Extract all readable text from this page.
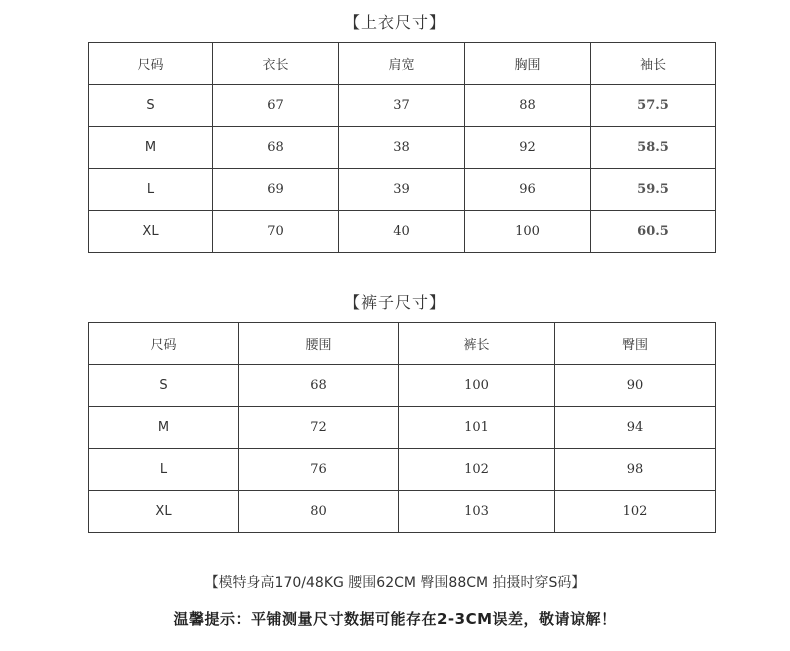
【上衣尺寸】
尺码	衣长	肩宽	胸围	袖长
S	67	37	88	57.5
M	68	38	92	58.5
L	69	39	96	59.5
XL	70	40	100	60.5
【裤子尺寸】
尺码	腰围	裤长	臀围
S	68	100	90
M	72	101	94
L	76	102	98
XL	80	103	102
【模特身高170/48KG 腰围62CM 臀围88CM 拍摄时穿S码】
温馨提示：平铺测量尺寸数据可能存在2-3CM误差，敬请谅解！
